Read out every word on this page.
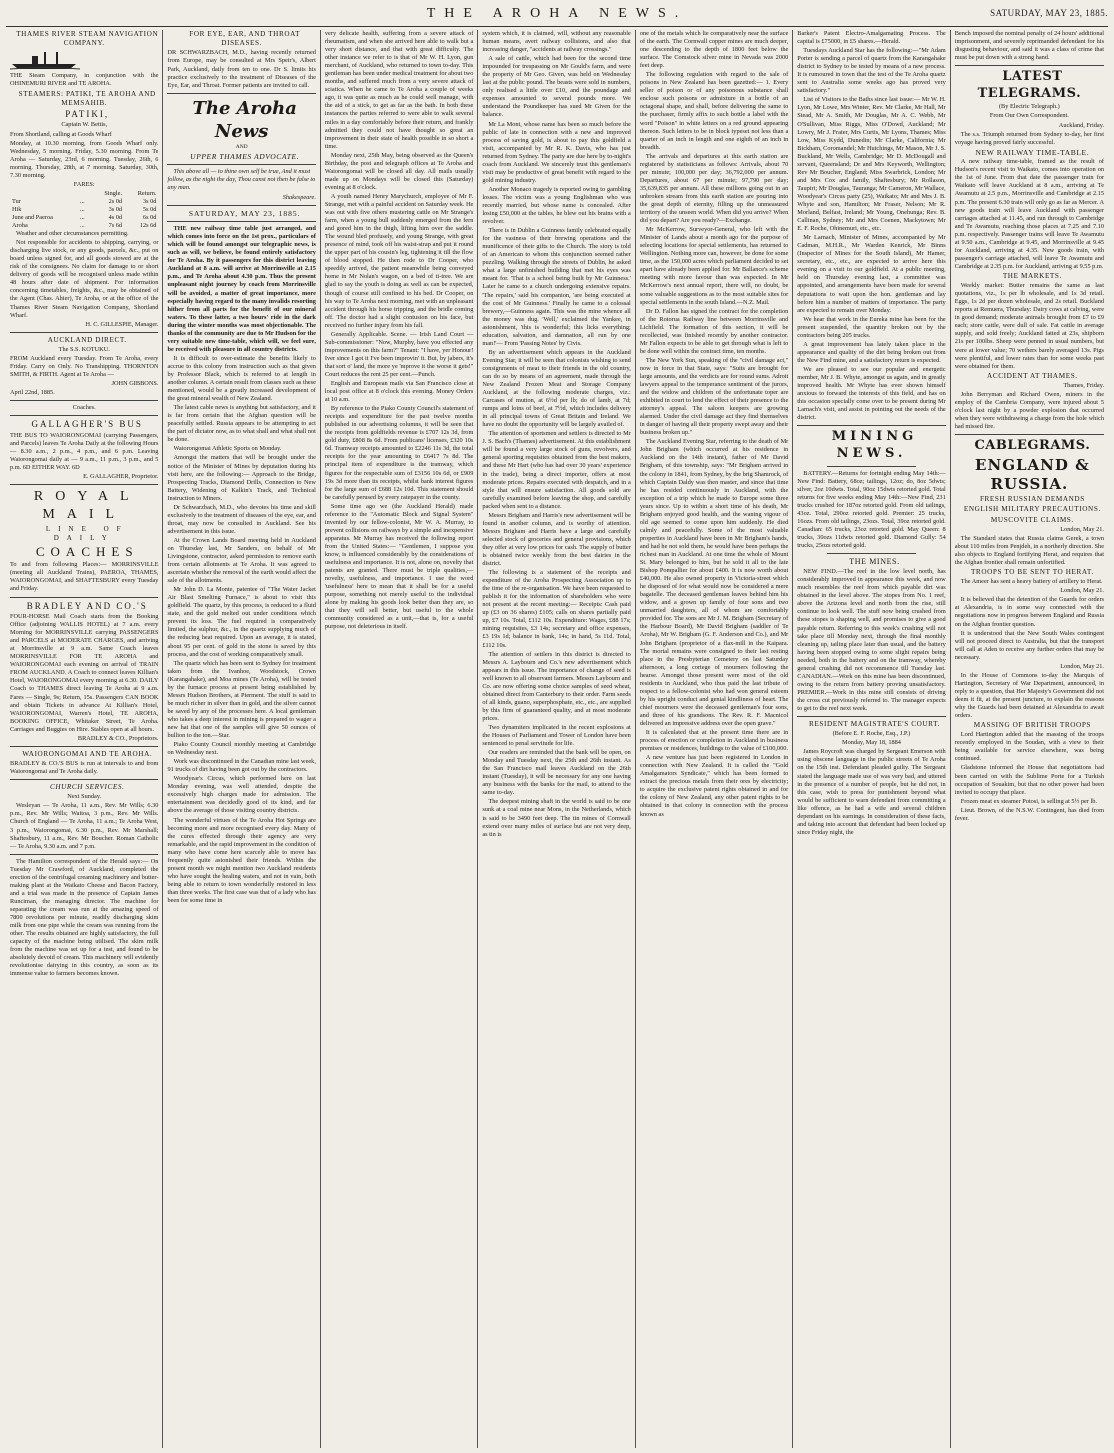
THE AROHA NEWS.	SATURDAY, MAY 23, 1885.

THAMES RIVER STEAM NAVIGATION COMPANY.

THE Steam Company, in conjunction with the OHINEMURI RIVER and TE AROHA.

STEAMERS: PATIKI, TE AROHA AND MEMSAHIB.

PATIKI,

Captain W. Bettis,

From Shortland, calling at Goods Wharf

Monday, at 10.30 morning, from Goods Wharf only. Wednesday, 5 morning. Friday, 5.30 morning. From Te Aroha — Saturday, 23rd, 6 morning. Tuesday, 26th, 6 morning. Thursday, 28th, at 7 morning. Saturday, 30th, 7.30 morning.

FARES:

		Single.	Return.
Tur	...	2s 0d	3s 0d
Hik	...	3s 0d	5s 0d
June and Paeroa	...	4s 0d	6s 0d
Aroha	...	7s 6d	12s 6d

Weather and other circumstances permitting.

Not responsible for accidents to shipping, carrying, or discharging live stock, or any goods, parcels, &c., put on board unless signed for, and all goods stowed are at the risk of the consignees. No claim for damage to or short delivery of goods will be recognised unless made within 48 hours after date of shipment. For information concerning timetables, freights, &c., may be obtained of the Agent (Chas. Ahier), Te Aroha, or at the office of the Thames River Steam Navigation Company, Shortland Wharf.

H. C. GILLESPIE, Manager.

AUCKLAND DIRECT.

The S.S. KOTUKU.

FROM Auckland every Tuesday. From Te Aroha, every Friday. Carry on Only. No Transhipping. THORNTON SMITH, & FIRTH. Agent at Te Aroha —

JOHN GIBBONS.

April 22nd, 1885.

Coaches.

GALLAGHER'S BUS

THE BUS TO WAIORONGOMAI (carrying Passengers, and Parcels) leaves Te Aroha Daily at the following Hours — 8.30 a.m., 2 p.m., 4 p.m., and 6 p.m. Leaving Waiorongomai daily at — 9 a.m., 11 p.m., 3 p.m., and 5 p.m. 6D EITHER WAY. 6D

E. GALLAGHER, Proprietor.

ROYAL MAIL

LINE OF DAILY

COACHES

To and from following Places:— MORRINSVILLE (meeting all Auckland Trains), PAEROA, THAMES, WAIORONGOMAI, and SHAFTESBURY every Tuesday and Friday.

BRADLEY AND CO.'S

FOUR-HORSE Mail Coach starts from the Booking Office (adjoining WALLIS HOTEL) at 7 a.m. every Morning for MORRINSVILLE carrying PASSENGERS and PARCELS at MODERATE CHARGES, and arriving at Morrinsville at 9 a.m. Same Coach leaves MORRINSVILLE FOR TE AROHA and WAIORONGOMAI each evening on arrival of TRAIN FROM AUCKLAND. A Coach to connect leaves Killian's Hotel, WAIORONGOMAI every morning at 6.30. DAILY Coach to THAMES direct leaving Te Aroha at 9 a.m. Fares — Single, 9s; Return, 15s. Passengers CAN BOOK and obtain Tickets in advance At Killian's Hotel, WAIORONGOMAI, Warren's Hotel, TE AROHA, BOOKING OFFICE, Whitaker Street, Te Aroha. Carriages and Buggies on Hire. Stables open at all hours.

BRADLEY & CO., Proprietors.

WAIORONGOMAI AND TE AROHA.

BRADLEY & CO.'S BUS is run at intervals to and from Waiorongomai and Te Aroha daily.

CHURCH SERVICES.

Next Sunday.

Wesleyan — Te Aroha, 11 a.m., Rev. Mr Wills; 6.30 p.m., Rev. Mr Wills; Waitoa, 3 p.m., Rev. Mr Wills. Church of England — Te Aroha, 11 a.m.; Te Aroha West, 3 p.m., Waiorongomai, 6.30 p.m., Rev. Mr Marshall; Shaftesbury, 11 a.m., Rev. Mr Boucher. Roman Catholic — Te Aroha, 9.30 a.m. and 7 p.m.

The Hamilton correspondent of the Herald says:— On Tuesday Mr Crawford, of Auckland, completed the erection of the centrifugal creaming machinery and butter-making plant at the Waikato Cheese and Bacon Factory, and a trial was made in the presence of Captain James Runciman, the managing director. The machine for separating the cream was run at the amazing speed of 7800 revolutions per minute, readily discharging skim milk from one pipe while the cream was running from the other. The results obtained are highly satisfactory, the full capacity of the machine being utilised. The skim milk from the machine was set up for a test, and found to be absolutely devoid of cream. This machinery will evidently revolutionise dairying in this country, as soon as its immense value to farmers becomes known.

FOR EYE, EAR, AND THROAT DISEASES.

DR SCHWARZBACH, M.D., having recently returned from Europe, may be consulted at Mrs Speir's, Albert Park, Auckland, daily from ten to one. Dr S. limits his practice exclusively to the treatment of Diseases of the Eye, Ear, and Throat. Former patients are invited to call.

The Aroha News

AND

UPPER THAMES ADVOCATE.

This above all — to thine own self be true, And it must follow, as the night the day, Thou canst not then be false to any man.

Shakespeare.

SATURDAY, MAY 23, 1885.

THE new railway time table just arranged, and which comes into force on the 1st prox., particulars of which will be found amongst our telegraphic news, is such as will, we believe, be found entirely satisfactory for Te Aroha. By it passengers for this district leaving Auckland at 8 a.m. will arrive at Morrinsville at 2.15 p.m., and Te Aroha about 4.30 p.m. Thus the present unpleasant night journey by coach from Morrinsville will be avoided, a matter of great importance, more especially having regard to the many invalids resorting hither from all parts for the benefit of our mineral waters. To these latter, a two hours' ride in the dark during the winter months was most objectionable. The thanks of the community are due to Mr Hudson for the very suitable new time-table, which will, we feel sure, be received with pleasure in all country districts.

It is difficult to over-estimate the benefits likely to accrue to this colony from instruction such as that given by Professor Black, which is referred to at length in another column. A certain result from classes such as these mentioned, would be a greatly increased development of the great mineral wealth of New Zealand.

The latest cable news is anything but satisfactory, and it is far from certain that the Afghan question will be peacefully settled. Russia appears to be attempting to act the part of dictator now, as to what shall and what shall not be done.

Waiorongomai Athletic Sports on Monday.

Amongst the matters that will be brought under the notice of the Minister of Mines by deputation during his visit here, are the following:— Approach to the Bridge, Prospecting Tracks, Diamond Drills, Connection to New Battery, Widening of Kalkin's Track, and Technical Instruction to Miners.

Dr Schwarzbach, M.D., who devotes his time and skill exclusively to the treatment of diseases of the eye, ear, and throat, may now be consulted in Auckland. See his advertisement in this issue.

At the Crown Lands Board meeting held in Auckland on Thursday last, Mr Sanders, on behalf of Mr Livingstone, contractor, asked permission to remove earth from certain allotments at Te Aroha. It was agreed to ascertain whether the removal of the earth would affect the sale of the allotments.

Mr John D. La Monte, patentee of "The Water Jacket Air Blast Smelting Furnace," is about to visit this goldfield. The quartz, by this process, is reduced to a fluid state, and the gold melted out under conditions which prevent its loss. The fuel required is comparatively limited, the sulphur, &c., in the quartz supplying much of the reducing heat required. Upon an average, it is stated, about 95 per cent. of gold in the stone is saved by this process, and the cost of working comparatively small.

The quartz which has been sent to Sydney for treatment taken from the Ivanhoe, Woodstock, Crown (Karangahake), and Moa mines (Te Aroha), will be tested by the furnace process at present being established by Messrs Hudson Brothers, at Pierment. The stuff is said to be much richer in silver than in gold, and the silver cannot be saved by any of the processes here. A local gentleman who takes a deep interest in mining is prepared to wager a new hat that one of the samples will give 50 ounces of bullion to the ton.—Star.

Piako County Council monthly meeting at Cambridge on Wednesday next.

Work was discontinued in the Canadian mine last week, 91 trucks of dirt having been got out by the contractors.

Woodyear's Circus, which performed here on last Monday evening, was well attended, despite the excessively high charges made for admission. The entertainment was decidedly good of its kind, and far above the average of those visiting country districts.

The wonderful virtues of the Te Aroha Hot Springs are becoming more and more recognised every day. Many of the cures effected through their agency are very remarkable, and the rapid improvement in the condition of many who have come here scarcely able to move has frequently quite astonished their friends. Within the present month we might mention two Auckland residents who have sought the healing waters, and not in vain, both being able to return to town wonderfully restored in less than three weeks. The first case was that of a lady who has been for some time in

very delicate health, suffering from a severe attack of rheumatism, and when she arrived here able to walk but a very short distance, and that with great difficulty. The other instance we refer to is that of Mr W. H. Lyon, gun merchant, of Auckland, who returned to town to-day. This gentleman has been under medical treatment for about two months, and suffered much from a very severe attack of sciatica. When he came to Te Aroha a couple of weeks ago, it was quite as much as he could well manage, with the aid of a stick, to get as far as the bath. In both these instances the parties referred to were able to walk several miles in a day comfortably before their return, and frankly admitted they could not have thought so great an improvement in their state of health possible in so short a time.

Monday next, 25th May, being observed as the Queen's Birthday, the post and telegraph offices at Te Aroha and Waiorongomai will be closed all day. All mails usually made up on Mondays will be closed this (Saturday) evening at 8 o'clock.

A youth named Henry Marychurch, employee of Mr F. Strange, met with a painful accident on Saturday week. He was out with five others mustering cattle on Mr Strange's farm, when a young bull suddenly emerged from the fern and gored him in the thigh, lifting him over the saddle. The wound bled profusely, and young Strange, with great presence of mind, took off his waist-strap and put it round the upper part of his cousin's leg, tightening it till the flow of blood stopped. He then rode to Dr Cooper, who speedily arrived, the patient meanwhile being conveyed home in Mr Nolan's wagon, on a bed of ti-tree. We are glad to say the youth is doing as well as can be expected, though of course still confined to his bed. Dr Cooper, on his way to Te Aroha next morning, met with an unpleasant accident through his horse tripping, and the bridle coming off. The doctor had a slight contusion on his face, but received no further injury from his fall.

Generally Applicable. Scene. — Irish Land Court — Sub-commissioner: "Now, Murphy, have you effected any improvements on this farm?" Tenant: "I have, yer Honour! Iver since I got it I've been improvin' it. But, by jabers, it's that sort o' land, the more ye 'mprove it the worse it gets!" Court reduces the rent 25 per cent.—Punch.

English and European mails via San Francisco close at local post office at 8 o'clock this evening. Money Orders at 10 a.m.

By reference to the Piako County Council's statement of receipts and expenditure for the past twelve months published in our advertising columns, it will be seen that the receipts from goldfields revenue is £707 12s 3d, from gold duty, £808 8s 6d. From publicans' licenses, £320 10s 6d. Tramway receipts amounted to £2246 11s 3d, the total receipts for the year amounting to £6417 7s 8d. The principal item of expenditure is the tramway, which figures for the respectable sum of £3156 10s 6d, or £909 19s 3d more than its receipts, whilst bank interest figures for the large sum of £688 12s 10d. This statement should be carefully perused by every ratepayer in the county.

Some time ago we (the Auckland Herald) made reference to the "Automatic Block and Signal System" invented by our fellow-colonist, Mr W. A. Murray, to prevent collisions on railways by a simple and inexpensive apparatus. Mr Murray has received the following report from the United States:— "Gentlemen, I suppose you know, is influenced considerably by the considerations of usefulness and importance. It is not, alone on, novelty that patents are granted. There must be triple qualities,—novelty, usefulness, and importance. I use the word 'usefulness' here to mean that it shall be for a useful purpose, something not merely useful to the individual alone by making his goods look better than they are, so that they will sell better, but useful to the whole community considered as a unit,—that is, for a useful purpose, not deleterious in itself.

system which, it is claimed, will, without any reasonable human means, avert railway collisions, and also that increasing danger, "accidents at railway crossings."

A sale of cattle, which had been for the second time impounded for trespassing on Mr Gould's farm, and were the property of Mr Geo. Given, was held on Wednesday last at the public pound. The beasts were sold in numbers, only realised a little over £10, and the poundage and expenses amounted to several pounds more. We understand the Poundkeeper has sued Mr Given for the balance.

Mr La Mont, whose name has been so much before the public of late in connection with a new and improved process of saving gold, is about to pay this goldfield a visit, accompanied by Mr R. K. Davis, who has just returned from Sydney. The party are due here by to-night's coach from Auckland. We sincerely trust this gentleman's visit may be productive of great benefit with regard to the gold mining industry.

Another Monaco tragedy is reported owing to gambling losses. The victim was a young Englishman who was recently married, but whose name is concealed. After losing £50,000 at the tables, he blew out his brains with a revolver.

There is in Dublin a Guinness family celebrated equally for the vastness of their brewing operations and the munificence of their gifts to the Church. The story is told of an American to whom this conjunction seemed rather puzzling. Walking through the streets of Dublin, he asked what a large unfinished building that met his eyes was meant for. 'That is a school being built by Mr Guinness.' Later he came to a church undergoing extensive repairs. 'The repairs,' said his companion, 'are being executed at the cost of Mr Guinness.' Finally he came to a colossal brewery,—Guinness again. This was the mine whence all the money was dug. 'Well,' exclaimed the Yankee, in astonishment, 'this is wonderful; this licks everything; education, salvation, and damnation, all run by one man!'— From 'Passing Notes' by Civis.

By an advertisement which appears in the Auckland Evening Star, it will be seen that colonists wishing to send consignments of meat to their friends in the old country, can do so by means of an agreement, made through the New Zealand Frozen Meat and Storage Company Auckland, at the following moderate charges, viz.: Carcases of mutton, at 6½d per lb; do of lamb, at 7d; rumps and loins of beef, at 7½d, which includes delivery in all principal towns of Great Britain and Ireland. We have no doubt the opportunity will be largely availed of.

The attention of sportsmen and settlers is directed to Mr J. S. Bach's (Thames) advertisement. At this establishment will be found a very large stock of guns, revolvers, and general sporting requisites obtained from the best makers, and these Mr Hart (who has had over 30 years' experience in the trade), being a direct importer, offers at most moderate prices. Repairs executed with despatch, and in a style that will ensure satisfaction. All goods sold are carefully examined before leaving the shop, and carefully packed when sent to a distance.

Messrs Brigham and Harris's new advertisement will be found in another column, and is worthy of attention. Messrs Brigham and Harris have a large and carefully selected stock of groceries and general provisions, which they offer at very low prices for cash. The supply of butter is obtained twice weekly from the best dairies in the district.

The following is a statement of the receipts and expenditure of the Aroha Prospecting Association up to the time of the re-organisation. We have been requested to publish it for the information of shareholders who were not present at the recent meeting:— Receipts: Cash paid up (£3 on 36 shares) £105; calls on shares partially paid up, £7 10s. Total, £112 10s. Expenditure: Wages, £88 17s; mining requisites, £3 14s; secretary and office expenses, £3 19s 1d; balance in bank, 14s; in hand, 5s 11d. Total, £112 10s.

The attention of settlers in this district is directed to Messrs A. Laybourn and Co.'s new advertisement which appears in this issue. The importance of change of seed is well known to all observant farmers. Messrs Laybourn and Co. are now offering some choice samples of seed wheat, obtained direct from Canterbury to their order. Farm seeds of all kinds, guano, superphosphate, etc., etc., are supplied by this firm of guaranteed quality, and at most moderate prices.

Two dynamiters implicated in the recent explosions at the Houses of Parliament and Tower of London have been sentenced to penal servitude for life.

Our readers are reminded that the bank will be open, on Monday and Tuesday next, the 25th and 26th instant. As the San Francisco mail leaves Auckland on the 26th instant (Tuesday), it will be necessary for any one having any business with the banks for the mail, to attend to the same to-day.

The deepest mining shaft in the world is said to be one sunk at a coal mine near Mons, in the Netherlands, which is said to be 3490 feet deep. The tin mines of Cornwall extend over many miles of surface but are not very deep, as tin is

one of the metals which lie comparatively near the surface of the earth. The Cornwall copper mines are much deeper, one descending to the depth of 1800 feet below the surface. The Comstock silver mine in Nevada was 2000 feet deep.

The following regulation with regard to the sale of poisons in New Zealand has been gazetted:— 1. Every seller of poison or of any poisonous substance shall enclose such poisons or admixture in a bottle of an octagonal shape, and shall, before delivering the same to the purchaser, firmly affix to such bottle a label with the word "Poison" in white letters on a red ground appearing thereon. Such letters to be in block typeset not less than a quarter of an inch in length and one eighth of an inch in breadth.

The arrivals and departures at this earth station are registered by statisticians as follows: Arrivals, about 70 per minute; 100,000 per day; 36,792,000 per annum. Departures, about 67 per minute; 97,790 per day; 35,639,835 per annum. All these millions going out in an unbroken stream from this earth station are pouring into the great depth of eternity, filling up the unmeasured territory of the unseen world. When did you arrive? When did you depart? Are you ready?—Exchange.

Mr McKerrow, Surveyor-General, who left with the Minister of Lands about a month ago for the purpose of selecting locations for special settlements, has returned to Wellington. Nothing more can, however, be done for some time, as the 150,000 acres which parliament decided to set apart have already been applied for. Mr Ballance's scheme meeting with more favour than was expected. In Mr McKerrow's next annual report, there will, no doubt, be some valuable suggestions as to the most suitable sites for special settlements in the south Island.—N.Z. Mail.

Dr D. Fallon has signed the contract for the completion of the Rotorua Railway line between Morrinsville and Lichfield. The formation of this section, it will be recollected, was finished recently by another contractor. Mr Fallon expects to be able to get through what is left to be done well within the contract time, ten months.

The New York Sun, speaking of the "civil damage act," now in force in that State, says: "Suits are brought for large amounts, and the verdicts are for round sums. Adroit lawyers appeal to the temperance sentiment of the jurors, and the widow and children of the unfortunate toper are exhibited in court to lend the effect of their presence to the attorney's appeal. The saloon keepers are growing alarmed. Under the civil damage act they find themselves in danger of having all their property swept away and their business broken up."

The Auckland Evening Star, referring to the death of Mr John Brigham (which occurred at his residence in Auckland on the 14th instant), father of Mr David Brigham, of this township, says: "Mr Brigham arrived in the colony in 1841, from Sydney, by the brig Shamrock, of which Captain Daldy was then master, and since that time he has resided continuously in Auckland, with the exception of a trip which he made to Europe some three years since. Up to within a short time of his death, Mr Brigham enjoyed good health, and the waning vigour of old age seemed to come upon him suddenly. He died calmly and peacefully. Some of the most valuable properties in Auckland have been in Mr Brigham's hands, and had he not sold them, he would have been perhaps the richest man in Auckland. At one time the whole of Mount St. Mary belonged to him, but he sold it all to the late Bishop Pompallier for about £400. It is now worth about £40,000. He also owned property in Victoria-street which he disposed of for what would now be considered a mere bagatelle. The deceased gentleman leaves behind him his widow, and a grown up family of four sons and two unmarried daughters, all of whom are comfortably provided for. The sons are Mr J. M. Brigham (Secretary of the Harbour Board), Mr David Brigham (saddler of Te Aroha), Mr W. Brigham (G. F. Anderson and Co.), and Mr John Brigham (proprietor of a flax-mill in the Kaipara. The mortal remains were consigned to their last resting place in the Presbyterian Cemetery on last Saturday afternoon, a long cortege of mourners following the hearse. Amongst those present were most of the old residents in Auckland, who thus paid the last tribute of respect to a fellow-colonist who had won general esteem by his upright conduct and genial kindliness of heart. The chief mourners were the deceased gentleman's four sons, and three of his grandsons. The Rev. R. F. Macnicol delivered an impressive address over the open grave."

It is calculated that at the present time there are in process of erection or completion in Auckland in business premises or residences, buildings to the value of £100,000.

A new venture has just been registered in London in connection with New Zealand. It is called the "Gold Amalgamators Syndicate," which has been formed to extract the precious metals from their ores by electricity; to acquire the exclusive patent rights obtained in and for the colony of New Zealand, any other patent rights to be obtained in that colony in connection with the process known as

Barker's Patent Electro-Amalgamating Process. The capital is £75000, in £5 shares.—Herald.

Tuesdays Auckland Star has the following:—"Mr Adam Porter is sending a parcel of quartz from the Karangahake district to Sydney to be tested by means of a new process. It is rumoured in town that the test of the Te Aroha quartz sent to Australia some weeks ago has proved very satisfactory."

List of Visitors to the Baths since last issue:— Mr W. H. Lyon, Mr Lowe, Mrs Winter, Rev. Mr Clarke, Mr Hall, Mr Stead, Mr A. Smith, Mr Douglas, Mr A. C. Webb, Mr O'Sullivan, Miss Riggs, Miss O'Dowd, Auckland; Mr Lowry, Mr J. Frater, Mrs Curtis, Mr Lyons, Thames; Miss Low, Miss Kydd, Dunedin; Mr Clarke, California; Mr Bickham, Coromandel; Mr Hutchings, Mr Mason, Mr J. S. Buckland, Mr Wells, Cambridge; Mr D. McDougall and servant, Queensland; Dr and Mrs Keyworth, Wellington; Rev Mr Boucher, England; Miss Swarbrick, London; Mr and Mrs Cox and family, Shaftesbury; Mr Rollason, Taupiri; Mr Douglas, Tauranga; Mr Cameron, Mr Wallace, Woodyear's Circus party (25), Waikato; Mr and Mrs J. B. Whyte and son, Hamilton; Mr Fraser, Nelson; Mr R. Morland, Belfast, Ireland; Mr Young, Onehunga; Rev. B. Callinan, Sydney; Mr and Mrs Coenen, Mackytown; Mr E. F. Roche, Ohinemuri, etc., etc.

Mr Larnach, Minister of Mines, accompanied by Mr Cadman, M.H.R., Mr Warden Kenrick, Mr Binns (Inspector of Mines for the South Island), Mr Hamer, secretary, etc., etc., are expected to arrive here this evening on a visit to our goldfield. At a public meeting, held on Thursday evening last, a committee was appointed, and arrangements have been made for several deputations to wait upon the hon. gentleman and lay before him a number of matters of importance. The party are expected to remain over Monday.

We hear that work in the Eureka mine has been for the present suspended, the quantity broken out by the contractors being 205 trucks.

A great improvement has lately taken place in the appearance and quality of the dirt being broken out from the New Find mine, and a satisfactory return is expected.

We are pleased to see our popular and energetic member, Mr J. B. Whyte, amongst us again, and in greatly improved health. Mr Whyte has ever shown himself anxious to forward the interests of this field, and has on this occasion specially come over to be present during Mr Larnach's visit, and assist in pointing out the needs of the district.

MINING NEWS.

BATTERY.—Returns for fortnight ending May 14th:— New Find: Battery, 68oz; tailings, 12oz; do, 8oz 5dwts; silver, 2oz 10dwts. Total, 90oz 15dwts retorted gold. Total returns for five weeks ending May 14th:—New Find, 231 trucks crushed for 187oz retorted gold. From old tailings, 43oz. Total, 290oz retorted gold. Premier: 25 trucks, 16ozs. From old tailings, 23ozs. Total, 39oz retorted gold. Canadian: 65 trucks, 23oz retorted gold. May Queen: 8 trucks, 30ozs 11dwts retorted gold. Diamond Gully: 54 trucks, 25ozs retorted gold.

THE MINES.

NEW FIND.—The reef in the low level north, has considerably improved in appearance this week, and now much resembles the reef from which payable dirt was obtained in the level above. The stopes from No. 1 reef, above the Arizona level and north from the rise, still continue to look well. The stuff now being crushed from these stopes is shaping well, and promises to give a good payable return. Referring to this week's crushing will not take place till Monday next, through the final monthly cleaning up, tailing place later than usual, and the battery having been stopped owing to some slight repairs being needed, both in the battery and on the tramway, whereby general crushing did not recommence till Tuesday last. CANADIAN.—Work on this mine has been discontinued, owing to the return from battery proving unsatisfactory. PREMIER.—Work in this mine still consists of driving the cross cut previously referred to. The manager expects to get to the reef next week.

RESIDENT MAGISTRATE'S COURT.

(Before E. F. Roche, Esq., J.P.)

Monday, May 18, 1884

James Roycroft was charged by Sergeant Emerson with using obscene language in the public streets of Te Aroha on the 15th inst. Defendant pleaded guilty. The Sergeant stated the language made use of was very bad, and uttered in the presence of a number of people, but he did not, in this case, wish to press for punishment beyond what would be sufficient to warn defendant from committing a like offence, as he had a wife and several children dependant on his earnings. In consideration of these facts, and taking into account that defendant had been locked up since Friday night, the

Bench imposed the nominal penalty of 24 hours' additional imprisonment, and severely reprimanded defendant for his disgusting behaviour, and said it was a class of crime that must be put down with a strong hand.

LATEST TELEGRAMS.

(By Electric Telegraph.)

From Our Own Correspondent.

Auckland, Friday.

The s.s. Triumph returned from Sydney to-day, her first voyage having proved fairly successful.

NEW RAILWAY TIME-TABLE.

A new railway time-table, framed as the result of Hudson's recent visit to Waikato, comes into operation on the 1st of June. From that date the passenger train for Waikato will leave Auckland at 8 a.m., arriving at Te Awamutu at 2.5 p.m., Morrinsville and Cambridge at 2.15 p.m. The present 6.30 train will only go as far as Mercer. A new goods train will leave Auckland with passenger carriages attached at 11.45, and run through to Cambridge and Te Awamutu, reaching those places at 7.25 and 7.10 p.m. respectively. Passenger trains will leave Te Awamutu at 9.50 a.m., Cambridge at 9.45, and Morrinsville at 9.45 for Auckland, arriving at 4.35. New goods train, with passenger's carriage attached, will leave Te Awamutu and Cambridge at 2.35 p.m. for Auckland, arriving at 9.55 p.m.

THE MARKETS.

Weekly market: Butter remains the same as last quotations, viz., 1s per lb wholesale, and 1s 3d retail. Eggs, 1s 2d per dozen wholesale, and 2s retail. Buckland reports at Remuera, Thursday: Dairy cows at calving, were in good demand; moderate animals brought from £7 to £9 each; store cattle, were dull of sale. Fat cattle in average supply, and sold freely; Auckland fatted at 23s, shipborn 21s per 100lbs. Sheep were penned in usual numbers, but were at lower value; 70 wethers barely averaged 13s. Pigs were plentiful, and lower rates than for some weeks past were obtained for them.

ACCIDENT AT THAMES.

Thames, Friday.

John Berryman and Richard Owen, miners in the employ of the Cambria Company, were injured about 5 o'clock last night by a powder explosion that occurred when they were withdrawing a charge from the hole which had missed fire.

CABLEGRAMS.

ENGLAND & RUSSIA.

FRESH RUSSIAN DEMANDS

ENGLISH MILITARY PRECAUTIONS.

MUSCOVITE CLAIMS.

London, May 21.

The Standard states that Russia claims Gerek, a town about 110 miles from Penjdeh, in a northerly direction. She also objects to England fortifying Herat, and requires that the Afghan frontier shall remain unfortified.

TROOPS TO BE SENT TO HERAT.

The Ameer has sent a heavy battery of artillery to Herat.

London, May 21.

It is believed that the detention of the Guards for orders at Alexandria, is in some way connected with the negotiations now in progress between England and Russia on the Afghan frontier question.

It is understood that the New South Wales contingent will not proceed direct to Australia, but that the transport will call at Aden to receive any further orders that may be necessary.

London, May 21.

In the House of Commons to-day the Marquis of Hartington, Secretary of War Department, announced, in reply to a question, that Her Majesty's Government did not deem it fit, at the present juncture, to explain the reasons why the Guards had been detained at Alexandria to await orders.

MASSING OF BRITISH TROOPS

Lord Hartington added that the massing of the troops recently employed in the Soudan, with a view to their being available for service elsewhere, was being continued.

Gladstone informed the House that negotiations had been carried on with the Sublime Porte for a Turkish occupation of Souakim, but that no other power had been invited to occupy that place.

Frozen meat ex steamer Potosi, is selling at 5½ per lb.

Lieut. Brown, of the N.S.W. Contingent, has died from fever.
